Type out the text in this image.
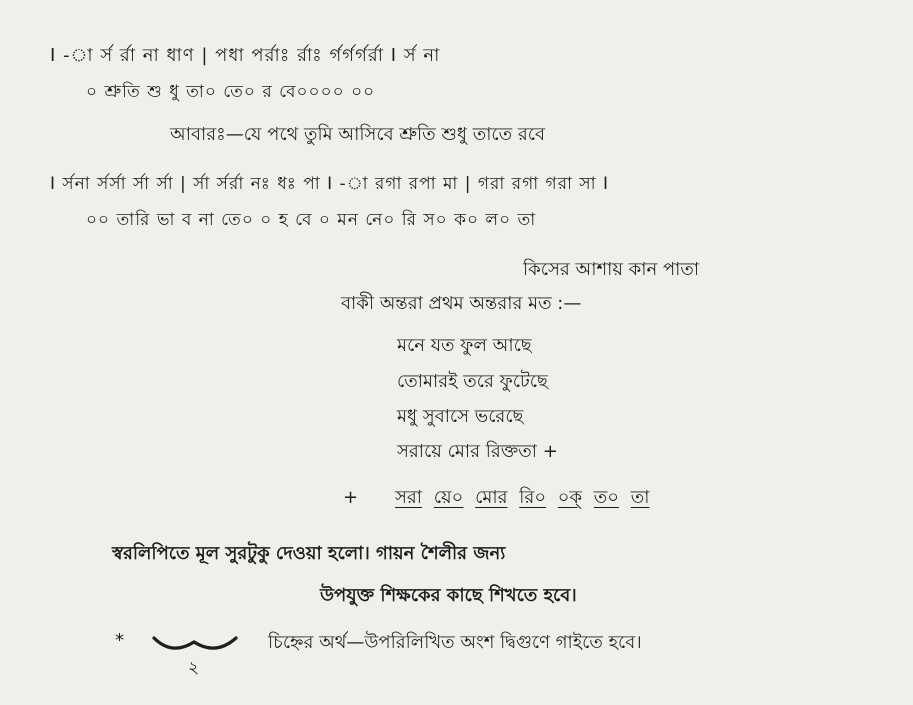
I -া র্স র্রা না ধাণ | পধা পর্রাঃ র্রাঃ র্গর্গর্গর্রা I র্স না
০ শ্রুতি শু ধু তা০ তে০ র বে০০০০ ০০
আবারঃ—যে পথে তুমি আসিবে শ্রুতি শুধু তাতে রবে
I র্সনা র্সর্সা র্সা র্সা | র্সা র্সর্রা নঃ ধঃ পা I -া রগা রপা মা | গরা রগা গরা সা I
০০ তারি ভা ব না তে০ ০ হ বে ০ মন নে০ রি স০ ক০ ল০ তা
কিসের আশায় কান পাতা
বাকী অন্তরা প্রথম অন্তরার মত :—
মনে যত ফুল আছে
তোমারই তরে ফুটেছে
মধু সুবাসে ভরেছে
সরায়ে মোর রিক্ততা +
+ সরা য়ে০ মোর রি০ ০ক্ ত০ তা
স্বরলিপিতে মূল সুরটুকু দেওয়া হলো। গায়ন শৈলীর জন্য
উপযুক্ত শিক্ষকের কাছে শিখতে হবে।
*
২
চিহ্নের অর্থ—উপরিলিখিত অংশ দ্বিগুণে গাইতে হবে।
